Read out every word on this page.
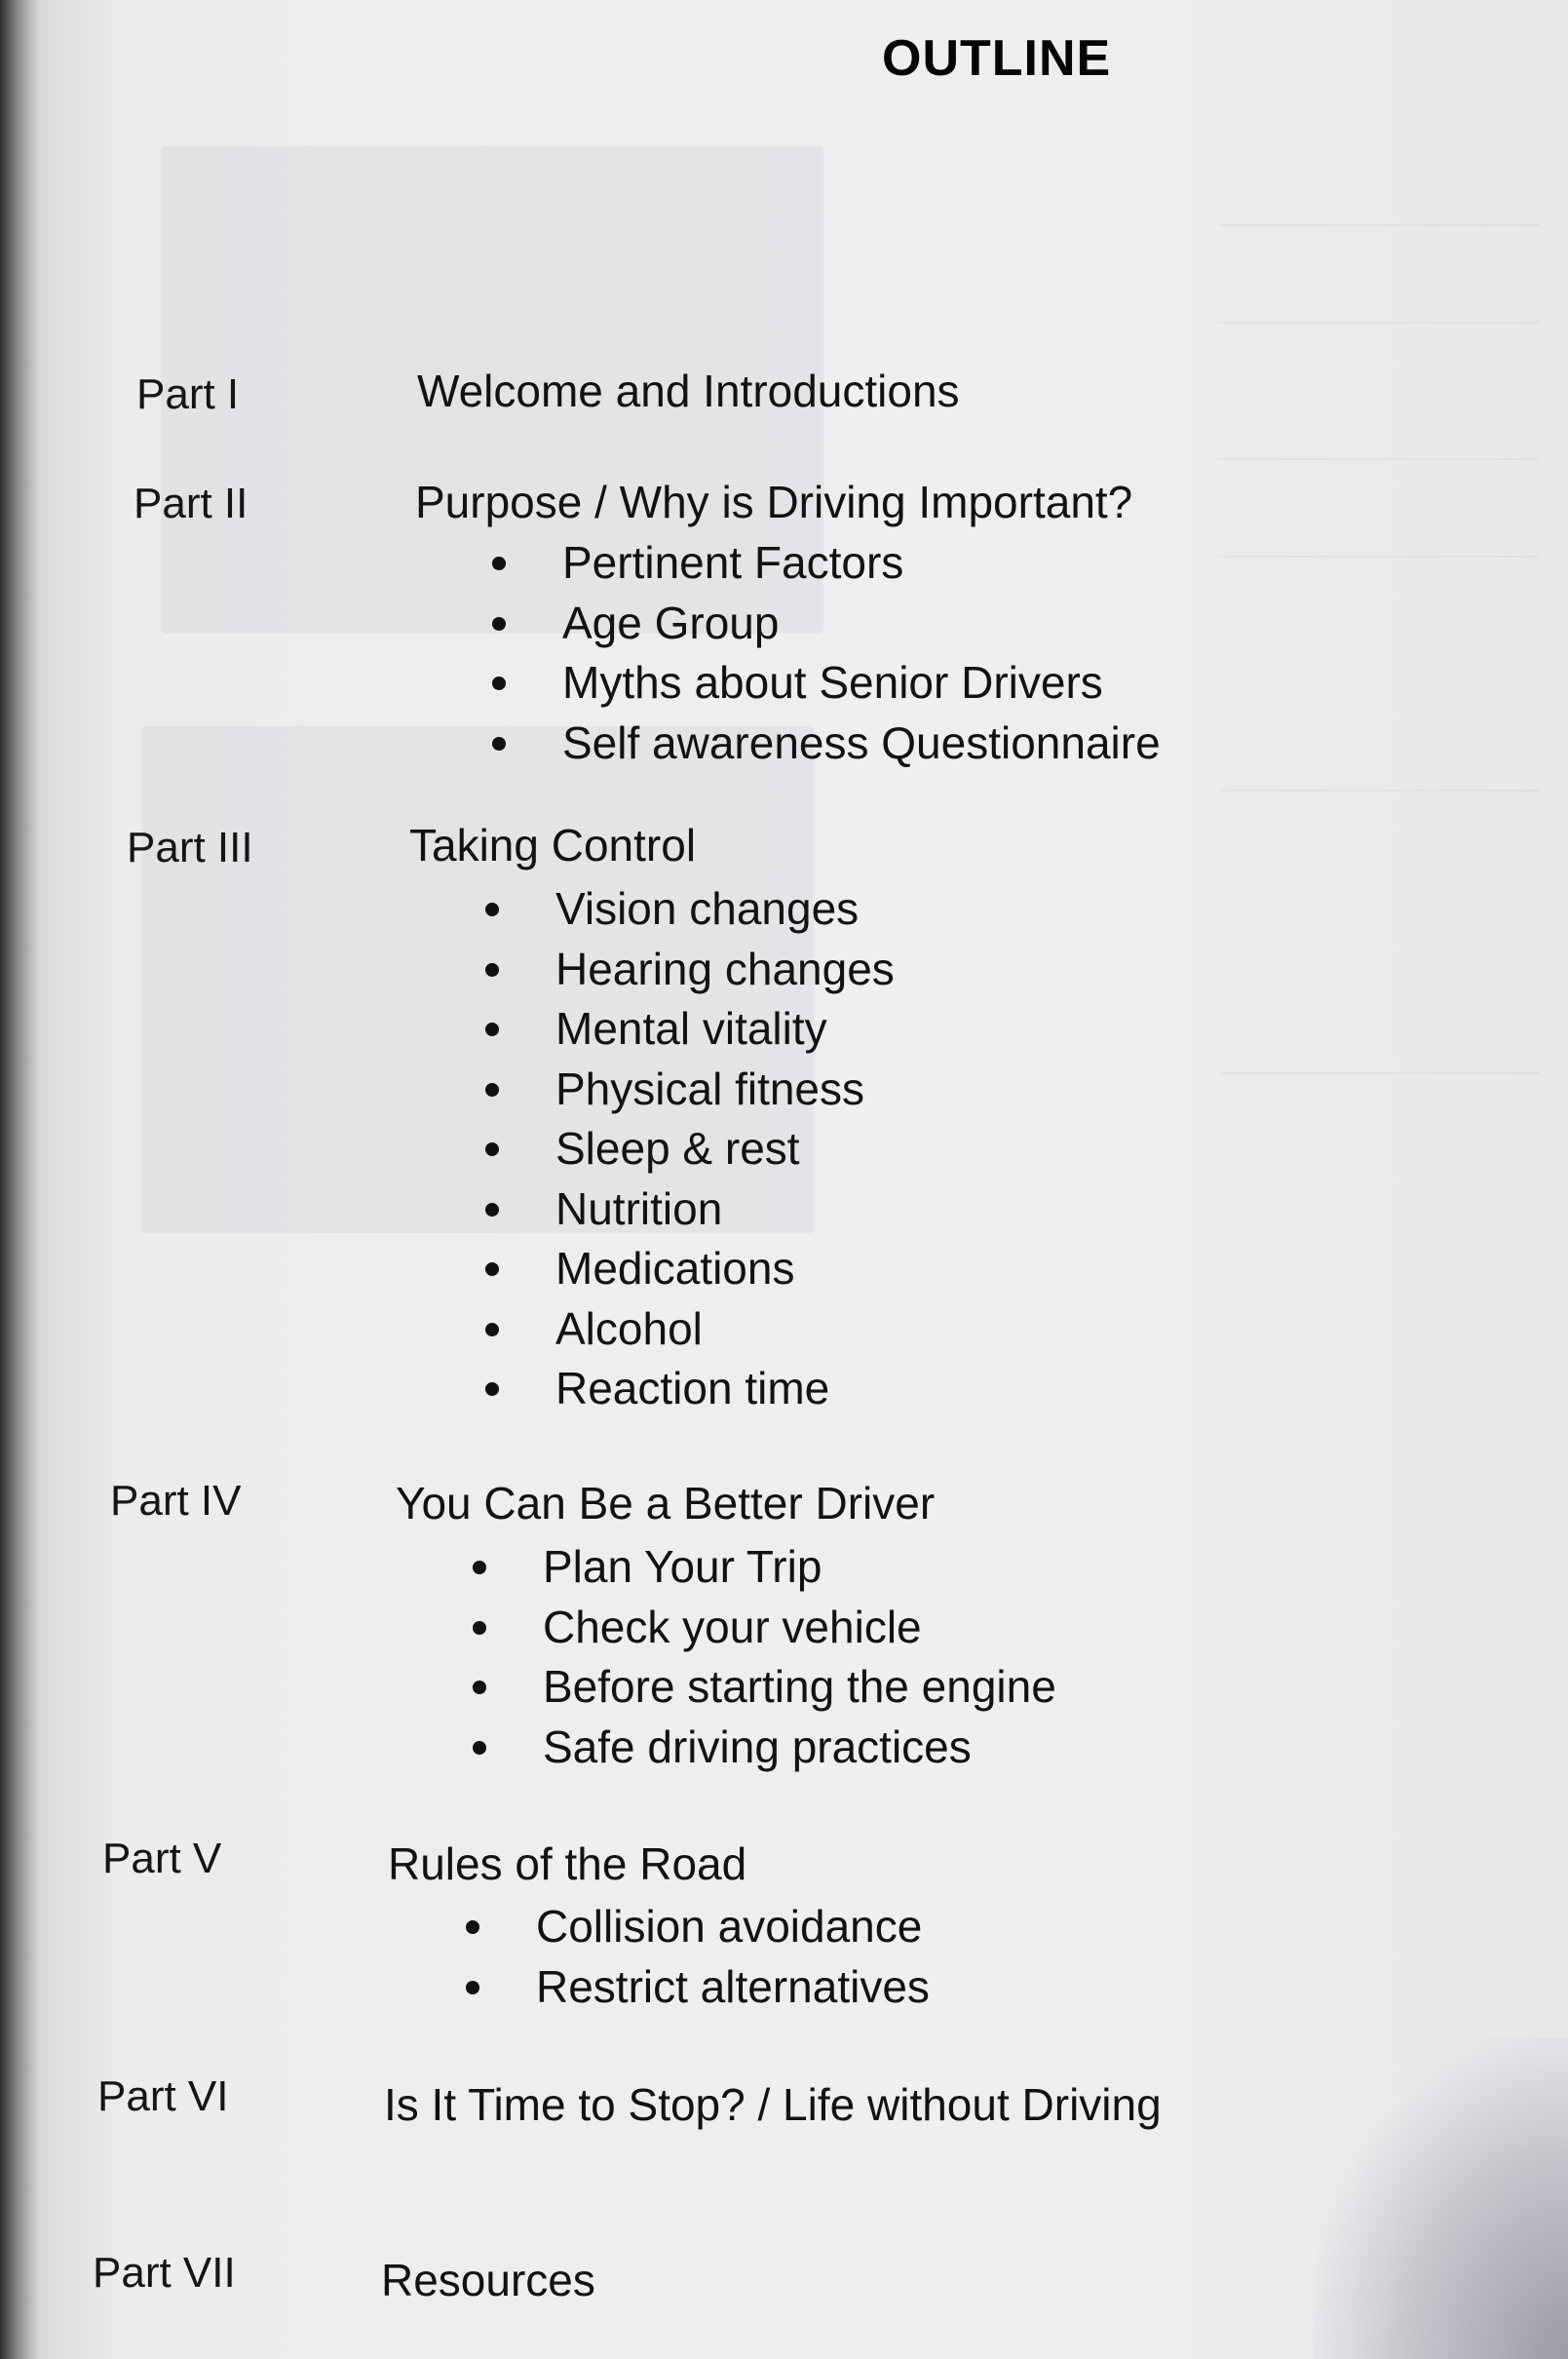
OUTLINE
Part I	Welcome and Introductions
Part II	Purpose / Why is Driving Important?
Pertinent Factors
Age Group
Myths about Senior Drivers
Self awareness Questionnaire
Part III	Taking Control
Vision changes
Hearing changes
Mental vitality
Physical fitness
Sleep & rest
Nutrition
Medications
Alcohol
Reaction time
Part IV	You Can Be a Better Driver
Plan Your Trip
Check your vehicle
Before starting the engine
Safe driving practices
Part V	Rules of the Road
Collision avoidance
Restrict alternatives
Part VI	Is It Time to Stop? / Life without Driving
Part VII	Resources
